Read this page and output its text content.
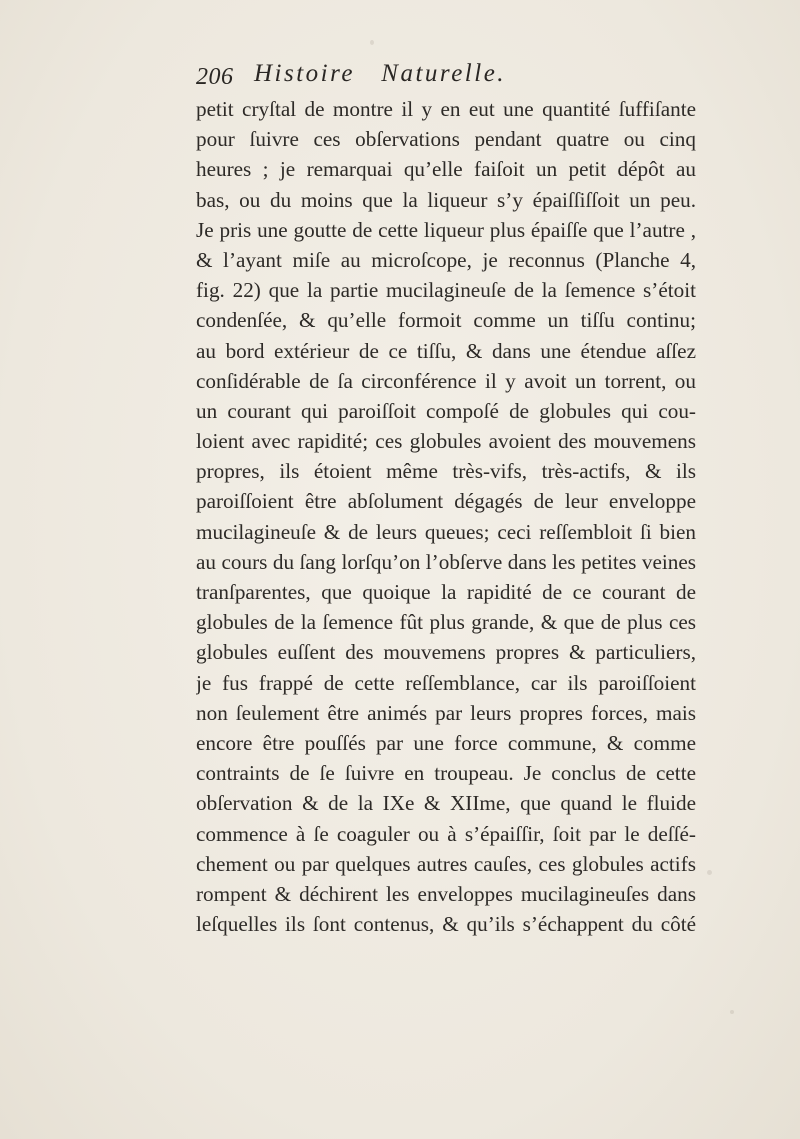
206 Histoire Naturelle.
petit cryſtal de montre il y en eut une quantité ſuffiſante
pour ſuivre ces obſervations pendant quatre ou cinq
heures ; je remarquai qu’elle faiſoit un petit dépôt au
bas, ou du moins que la liqueur s’y épaiſſiſſoit un peu.
Je pris une goutte de cette liqueur plus épaiſſe que l’autre ,
& l’ayant miſe au microſcope, je reconnus (Planche 4,
fig. 22) que la partie mucilagineuſe de la ſemence s’étoit
condenſée, & qu’elle formoit comme un tiſſu continu;
au bord extérieur de ce tiſſu, & dans une étendue aſſez
conſidérable de ſa circonférence il y avoit un torrent, ou
un courant qui paroiſſoit compoſé de globules qui cou-
loient avec rapidité; ces globules avoient des mouvemens
propres, ils étoient même très-vifs, très-actifs, & ils
paroiſſoient être abſolument dégagés de leur enveloppe
mucilagineuſe & de leurs queues; ceci reſſembloit ſi bien
au cours du ſang lorſqu’on l’obſerve dans les petites veines
tranſparentes, que quoique la rapidité de ce courant de
globules de la ſemence fût plus grande, & que de plus ces
globules euſſent des mouvemens propres & particuliers,
je fus frappé de cette reſſemblance, car ils paroiſſoient
non ſeulement être animés par leurs propres forces, mais
encore être pouſſés par une force commune, & comme
contraints de ſe ſuivre en troupeau. Je conclus de cette
obſervation & de la IXe & XIIme, que quand le fluide
commence à ſe coaguler ou à s’épaiſſir, ſoit par le deſſé-
chement ou par quelques autres cauſes, ces globules actifs
rompent & déchirent les enveloppes mucilagineuſes dans
leſquelles ils ſont contenus, & qu’ils s’échappent du côté
